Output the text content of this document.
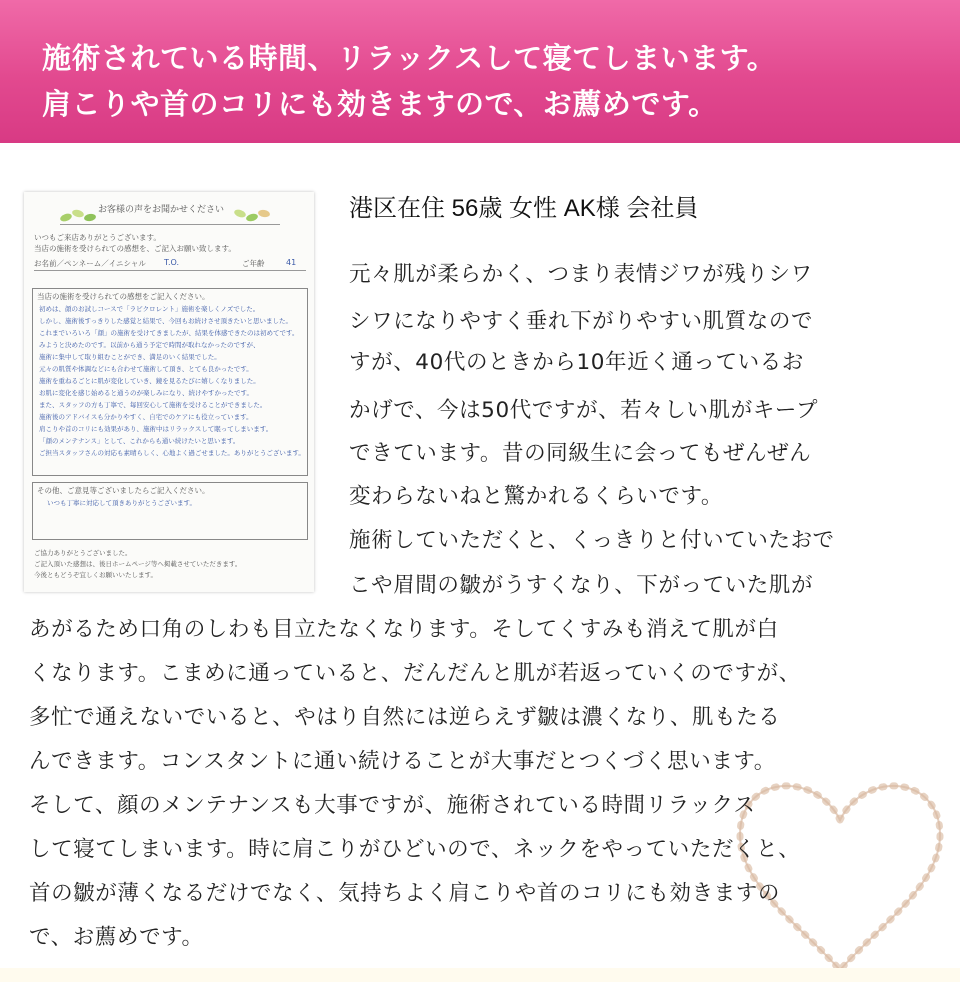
施術されている時間、リラックスして寝てしまいます。
肩こりや首のコリにも効きますので、お薦めです。
お客様の声をお聞かせください
いつもご来店ありがとうございます。
当店の施術を受けられての感想を、ご記入お願い致します。
お名前／ペンネーム／イニシャル T.O.	ご年齢	41
当店の施術を受けられての感想をご記入ください。
初めは、顔のお試しコースで「ラピクロレント」施術を楽しくノズでした。
しかし、施術後すっきりした感覚と結果で、今回もお続けさせ頂きたいと思いました。
これまでいろいろ「顔」の施術を受けてきましたが、結果を体感できたのは初めてです。
みようと決めたのです。以前から通う予定で時間が取れなかったのですが、
施術に集中して取り組むことができ、満足のいく結果でした。
元々の肌質や体調などにも合わせて施術して頂き、とても良かったです。
施術を重ねるごとに肌が変化していき、鏡を見るたびに嬉しくなりました。
お肌に変化を感じ始めると通うのが楽しみになり、続けやすかったです。
また、スタッフの方も丁寧で、毎回安心して施術を受けることができました。
施術後のアドバイスも分かりやすく、自宅でのケアにも役立っています。
肩こりや首のコリにも効果があり、施術中はリラックスして眠ってしまいます。
「顔のメンテナンス」として、これからも通い続けたいと思います。
ご担当スタッフさんの対応も素晴らしく、心地よく過ごせました。ありがとうございます。
その他、ご意見等ございましたらご記入ください。
いつも丁寧に対応して頂きありがとうございます。
ご協力ありがとうございました。
ご記入頂いた感想は、後日ホームページ等へ掲載させていただきます。
今後ともどうぞ宜しくお願いいたします。
港区在住 56歳 女性 AK様 会社員
元々肌が柔らかく、つまり表情ジワが残りシワ
シワになりやすく垂れ下がりやすい肌質なので
すが、40代のときから10年近く通っているお
かげで、今は50代ですが、若々しい肌がキープ
できています。昔の同級生に会ってもぜんぜん
変わらないねと驚かれるくらいです。
施術していただくと、くっきりと付いていたおで
こや眉間の皺がうすくなり、下がっていた肌が
あがるため口角のしわも目立たなくなります。そしてくすみも消えて肌が白
くなります。こまめに通っていると、だんだんと肌が若返っていくのですが、
多忙で通えないでいると、やはり自然には逆らえず皺は濃くなり、肌もたる
んできます。コンスタントに通い続けることが大事だとつくづく思います。
そして、顔のメンテナンスも大事ですが、施術されている時間リラックス
して寝てしまいます。時に肩こりがひどいので、ネックをやっていただくと、
首の皺が薄くなるだけでなく、気持ちよく肩こりや首のコリにも効きますの
で、お薦めです。
